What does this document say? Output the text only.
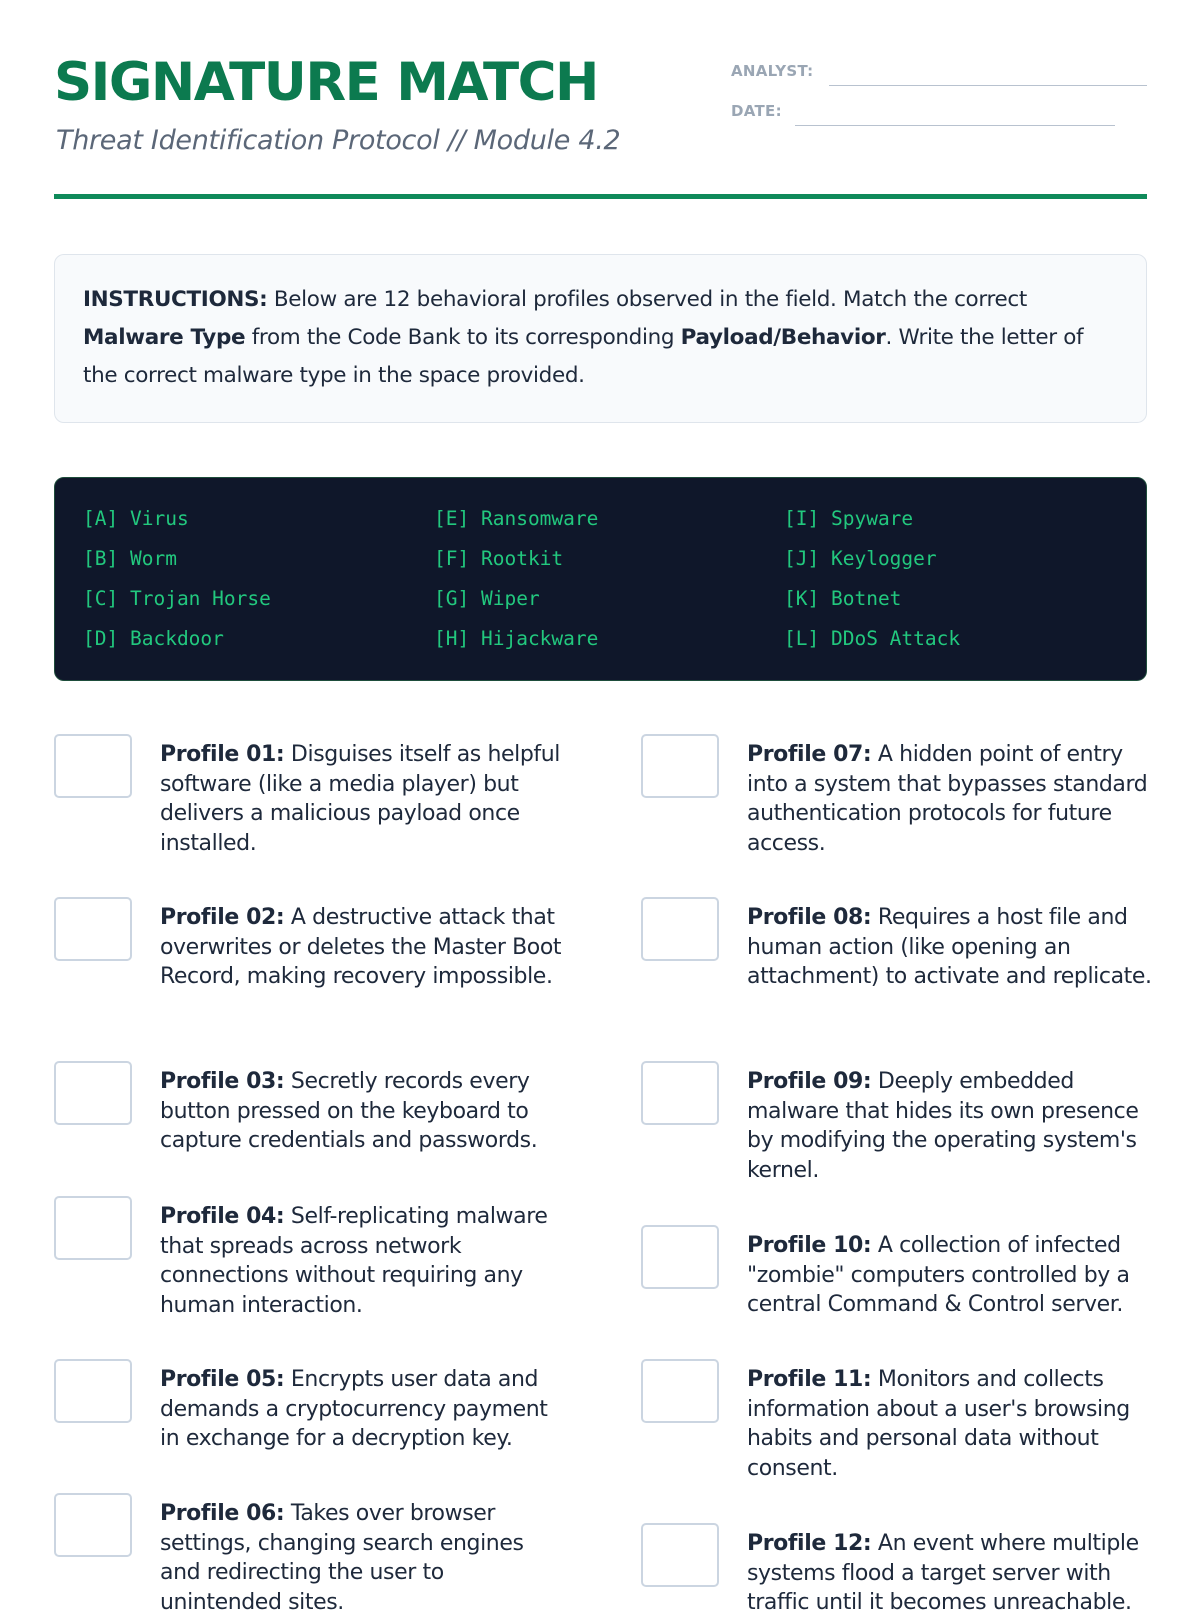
SIGNATURE MATCH
Threat Identification Protocol // Module 4.2
ANALYST:
DATE:
INSTRUCTIONS: Below are 12 behavioral profiles observed in the field. Match the correct Malware Type from the Code Bank to its corresponding Payload/Behavior. Write the letter of the correct malware type in the space provided.
[A] Virus
[B] Worm
[C] Trojan Horse
[D] Backdoor
[E] Ransomware
[F] Rootkit
[G] Wiper
[H] Hijackware
[I] Spyware
[J] Keylogger
[K] Botnet
[L] DDoS Attack
Profile 01: Disguises itself as helpful software (like a media player) but delivers a malicious payload once installed.
Profile 02: A destructive attack that overwrites or deletes the Master Boot Record, making recovery impossible.
Profile 03: Secretly records every button pressed on the keyboard to capture credentials and passwords.
Profile 04: Self-replicating malware that spreads across network connections without requiring any human interaction.
Profile 05: Encrypts user data and demands a cryptocurrency payment in exchange for a decryption key.
Profile 06: Takes over browser settings, changing search engines and redirecting the user to unintended sites.
Profile 07: A hidden point of entry into a system that bypasses standard authentication protocols for future access.
Profile 08: Requires a host file and human action (like opening an attachment) to activate and replicate.
Profile 09: Deeply embedded malware that hides its own presence by modifying the operating system's kernel.
Profile 10: A collection of infected "zombie" computers controlled by a central Command & Control server.
Profile 11: Monitors and collects information about a user's browsing habits and personal data without consent.
Profile 12: An event where multiple systems flood a target server with traffic until it becomes unreachable.
